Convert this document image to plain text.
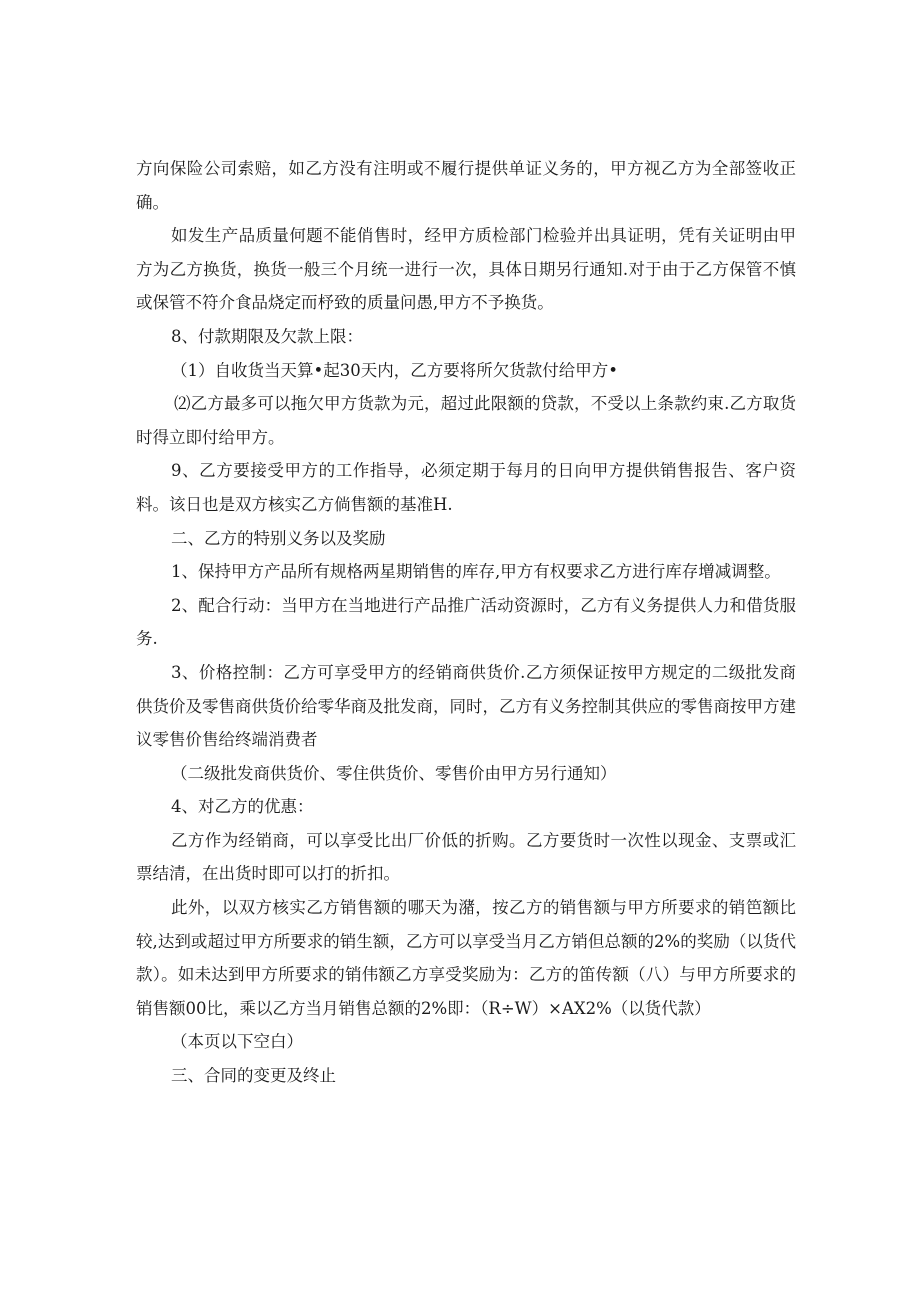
方向保险公司索赔，如乙方没有注明或不履行提供单证义务的，甲方视乙方为全部签收正确。

如发生产品质量何题不能俏售时，经甲方质检部门检验并出具证明，凭有关证明由甲方为乙方换货，换货一般三个月统一进行一次，具体日期另行通知.对于由于乙方保管不慎或保管不符介食品烧定而杼致的质量问愚,甲方不予换货。

8、付款期限及欠款上限：

（1）自收货当天算•起30天内，乙方要将所欠货款付给甲方•

⑵乙方最多可以拖欠甲方货款为元，超过此限额的贷款，不受以上条款约束.乙方取货时得立即付给甲方。

9、乙方要接受甲方的工作指导，必须定期于每月的日向甲方提供销售报告、客户资料。该日也是双方核实乙方倘售额的基准H.

二、乙方的特别义务以及奖励

1、保持甲方产品所有规格两星期销售的库存,甲方有权要求乙方进行库存增减调整。

2、配合行动：当甲方在当地进行产品推广活动资源时，乙方有义务提供人力和借货服务.

3、价格控制：乙方可享受甲方的经销商供货价.乙方须保证按甲方规定的二级批发商供货价及零售商供货价给零华商及批发商，同时，乙方有义务控制其供应的零售商按甲方建议零售价售给终端消费者

（二级批发商供货价、零住供货价、零售价由甲方另行通知）

4、对乙方的优惠：

乙方作为经销商，可以享受比出厂价低的折购。乙方要货时一次性以现金、支票或汇票结清，在出货时即可以打的折扣。

此外，以双方核实乙方销售额的哪天为潴，按乙方的销售额与甲方所要求的销笆额比较,达到或超过甲方所要求的销生额，乙方可以享受当月乙方销但总额的2%的奖励（以货代款）。如未达到甲方所要求的销伟额乙方享受奖励为：乙方的笛传额（八）与甲方所要求的销售额00比，乘以乙方当月销售总额的2%即：（R÷W）×AX2%（以货代款）

（本页以下空白）

三、合同的变更及终止
